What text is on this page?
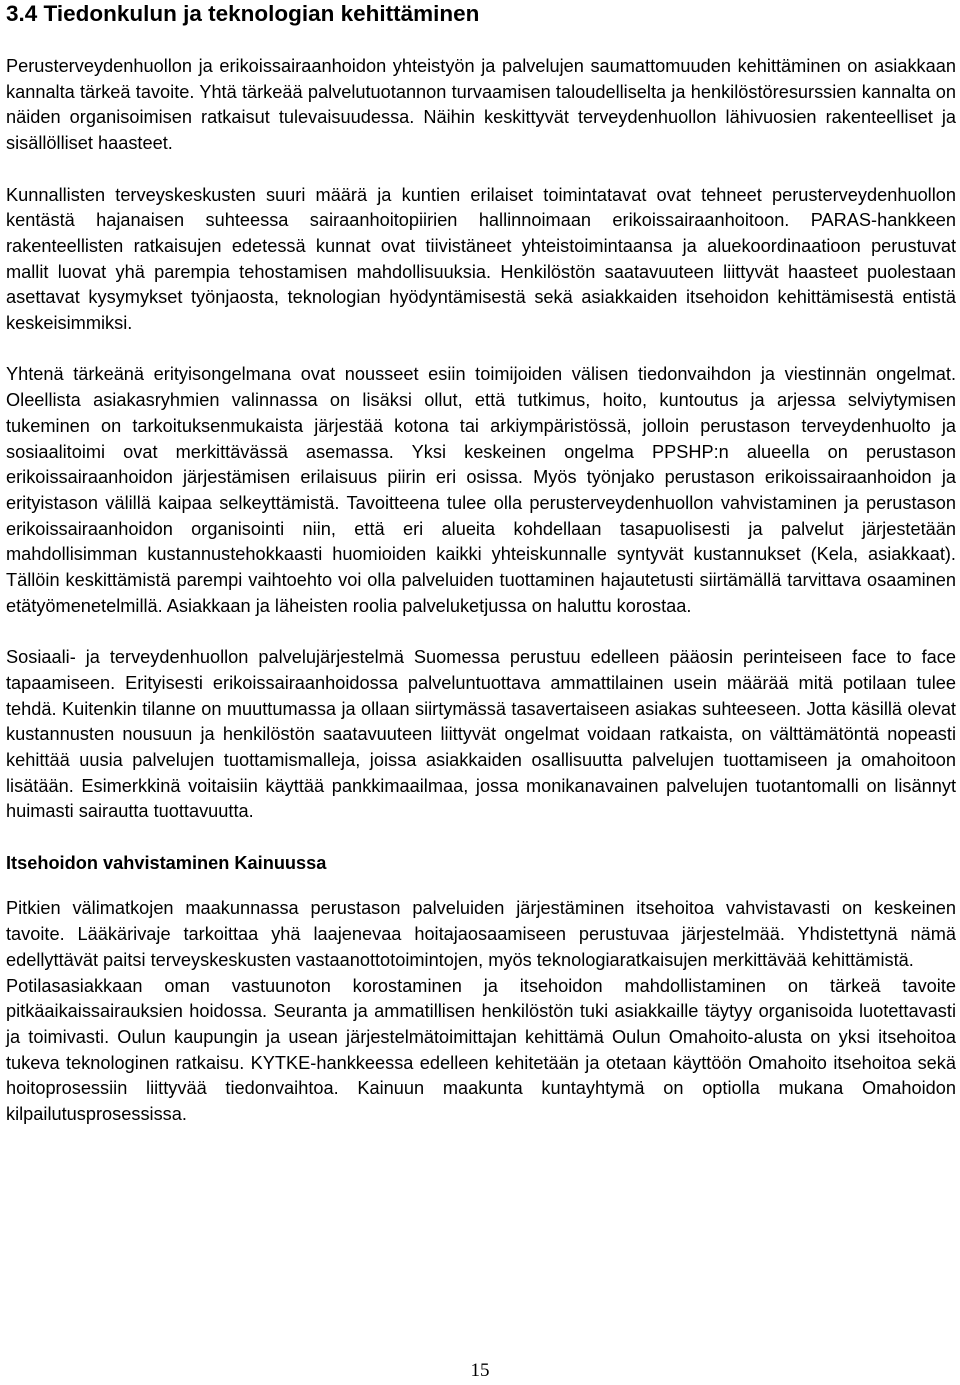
3.4 Tiedonkulun ja teknologian kehittäminen

Perusterveydenhuollon ja erikoissairaanhoidon yhteistyön ja palvelujen saumattomuuden kehittäminen on asiakkaan kannalta tärkeä tavoite. Yhtä tärkeää palvelutuotannon turvaamisen taloudelliselta ja henkilöstöresurssien kannalta on näiden organisoimisen ratkaisut tulevaisuudessa. Näihin keskittyvät terveydenhuollon lähivuosien rakenteelliset ja sisällölliset haasteet.

Kunnallisten terveyskeskusten suuri määrä ja kuntien erilaiset toimintatavat ovat tehneet perusterveydenhuollon kentästä hajanaisen suhteessa sairaanhoitopiirien hallinnoimaan erikoissairaanhoitoon. PARAS-hankkeen rakenteellisten ratkaisujen edetessä kunnat ovat tiivistäneet yhteistoimintaansa ja aluekoordinaatioon perustuvat mallit luovat yhä parempia tehostamisen mahdollisuuksia. Henkilöstön saatavuuteen liittyvät haasteet puolestaan asettavat kysymykset työnjaosta, teknologian hyödyntämisestä sekä asiakkaiden itsehoidon kehittämisestä entistä keskeisimmiksi.

Yhtenä tärkeänä erityisongelmana ovat nousseet esiin toimijoiden välisen tiedonvaihdon ja viestinnän ongelmat. Oleellista asiakasryhmien valinnassa on lisäksi ollut, että tutkimus, hoito, kuntoutus ja arjessa selviytymisen tukeminen on tarkoituksenmukaista järjestää kotona tai arkiympäristössä, jolloin perustason terveydenhuolto ja sosiaalitoimi ovat merkittävässä asemassa. Yksi keskeinen ongelma PPSHP:n alueella on perustason erikoissairaanhoidon järjestämisen erilaisuus piirin eri osissa. Myös työnjako perustason erikoissairaanhoidon ja erityistason välillä kaipaa selkeyttämistä. Tavoitteena tulee olla perusterveydenhuollon vahvistaminen ja perustason erikoissairaanhoidon organisointi niin, että eri alueita kohdellaan tasapuolisesti ja palvelut järjestetään mahdollisimman kustannustehokkaasti huomioiden kaikki yhteiskunnalle syntyvät kustannukset (Kela, asiakkaat). Tällöin keskittämistä parempi vaihtoehto voi olla palveluiden tuottaminen hajautetusti siirtämällä tarvittava osaaminen etätyömenetelmillä. Asiakkaan ja läheisten roolia palveluketjussa on haluttu korostaa.

Sosiaali- ja terveydenhuollon palvelujärjestelmä Suomessa perustuu edelleen pääosin perinteiseen face to face tapaamiseen. Erityisesti erikoissairaanhoidossa palveluntuottava ammattilainen usein määrää mitä potilaan tulee tehdä. Kuitenkin tilanne on muuttumassa ja ollaan siirtymässä tasavertaiseen asiakas suhteeseen. Jotta käsillä olevat kustannusten nousuun ja henkilöstön saatavuuteen liittyvät ongelmat voidaan ratkaista, on välttämätöntä nopeasti kehittää uusia palvelujen tuottamismalleja, joissa asiakkaiden osallisuutta palvelujen tuottamiseen ja omahoitoon lisätään. Esimerkkinä voitaisiin käyttää pankkimaailmaa, jossa monikanavainen palvelujen tuotantomalli on lisännyt huimasti sairautta tuottavuutta.

Itsehoidon vahvistaminen Kainuussa

Pitkien välimatkojen maakunnassa perustason palveluiden järjestäminen itsehoitoa vahvistavasti on keskeinen tavoite. Lääkärivaje tarkoittaa yhä laajenevaa hoitajaosaamiseen perustuvaa järjestelmää. Yhdistettynä nämä edellyttävät paitsi terveyskeskusten vastaanottotoimintojen, myös teknologiaratkaisujen merkittävää kehittämistä.

Potilasasiakkaan oman vastuunoton korostaminen ja itsehoidon mahdollistaminen on tärkeä tavoite pitkäaikaissairauksien hoidossa. Seuranta ja ammatillisen henkilöstön tuki asiakkaille täytyy organisoida luotettavasti ja toimivasti. Oulun kaupungin ja usean järjestelmätoimittajan kehittämä Oulun Omahoito-alusta on yksi itsehoitoa tukeva teknologinen ratkaisu. KYTKE-hankkeessa edelleen kehitetään ja otetaan käyttöön Omahoito itsehoitoa sekä hoitoprosessiin liittyvää tiedonvaihtoa. Kainuun maakunta kuntayhtymä on optiolla mukana Omahoidon kilpailutusprosessissa.

15
